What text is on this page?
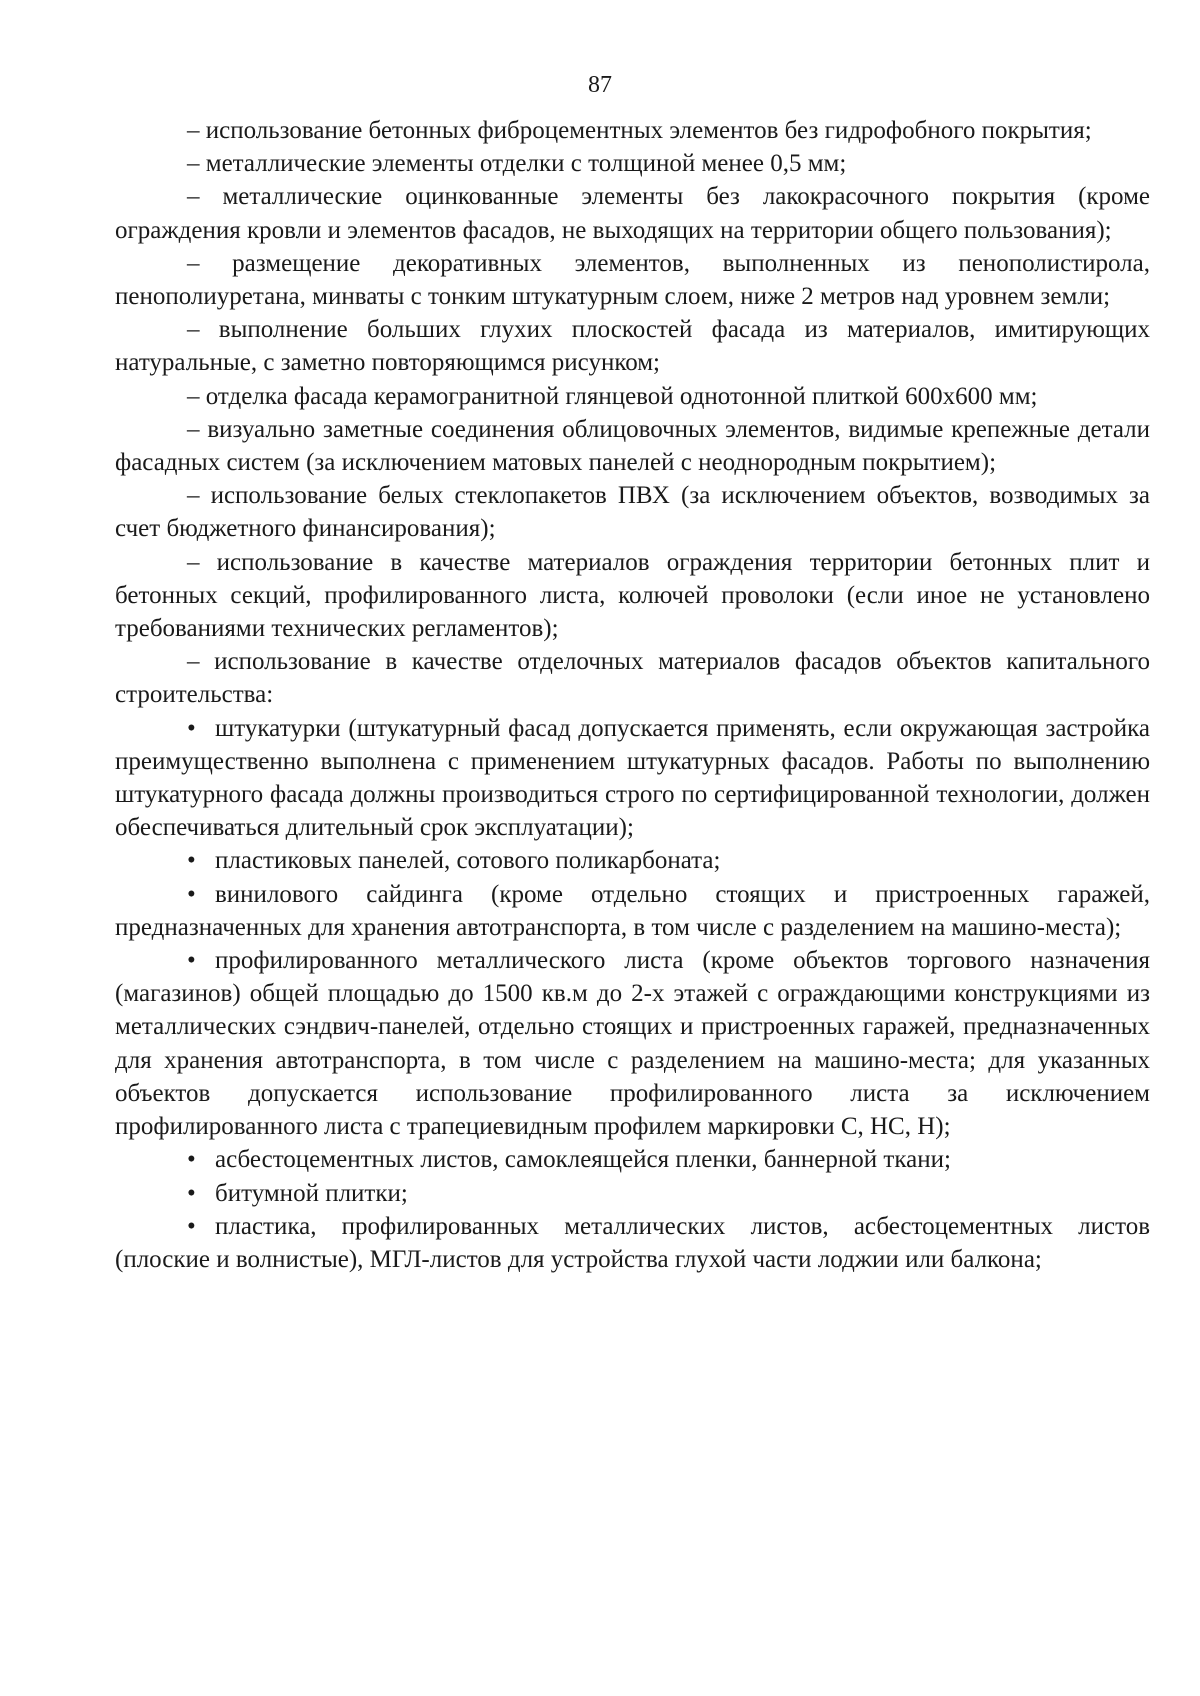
87

– использование бетонных фиброцементных элементов без гидрофобного покрытия;

– металлические элементы отделки с толщиной менее 0,5 мм;

– металлические оцинкованные элементы без лакокрасочного покрытия (кроме ограждения кровли и элементов фасадов, не выходящих на территории общего пользования);

– размещение декоративных элементов, выполненных из пенополистирола, пенополиуретана, минваты с тонким штукатурным слоем, ниже 2 метров над уровнем земли;

– выполнение больших глухих плоскостей фасада из материалов, имитирующих натуральные, с заметно повторяющимся рисунком;

– отделка фасада керамогранитной глянцевой однотонной плиткой 600х600 мм;

– визуально заметные соединения облицовочных элементов, видимые крепежные детали фасадных систем (за исключением матовых панелей с неоднородным покрытием);

– использование белых стеклопакетов ПВХ (за исключением объектов, возводимых за счет бюджетного финансирования);

– использование в качестве материалов ограждения территории бетонных плит и бетонных секций, профилированного листа, колючей проволоки (если иное не установлено требованиями технических регламентов);

– использование в качестве отделочных материалов фасадов объектов капитального строительства:

• штукатурки (штукатурный фасад допускается применять, если окружающая застройка преимущественно выполнена с применением штукатурных фасадов. Работы по выполнению штукатурного фасада должны производиться строго по сертифицированной технологии, должен обеспечиваться длительный срок эксплуатации);

• пластиковых панелей, сотового поликарбоната;

• винилового сайдинга (кроме отдельно стоящих и пристроенных гаражей, предназначенных для хранения автотранспорта, в том числе с разделением на машино-места);

• профилированного металлического листа (кроме объектов торгового назначения (магазинов) общей площадью до 1500 кв.м до 2-х этажей с ограждающими конструкциями из металлических сэндвич-панелей, отдельно стоящих и пристроенных гаражей, предназначенных для хранения автотранспорта, в том числе с разделением на машино-места; для указанных объектов допускается использование профилированного листа за исключением профилированного листа с трапециевидным профилем маркировки С, НС, Н);

• асбестоцементных листов, самоклеящейся пленки, баннерной ткани;

• битумной плитки;

• пластика, профилированных металлических листов, асбестоцементных листов (плоские и волнистые), МГЛ-листов для устройства глухой части лоджии или балкона;
